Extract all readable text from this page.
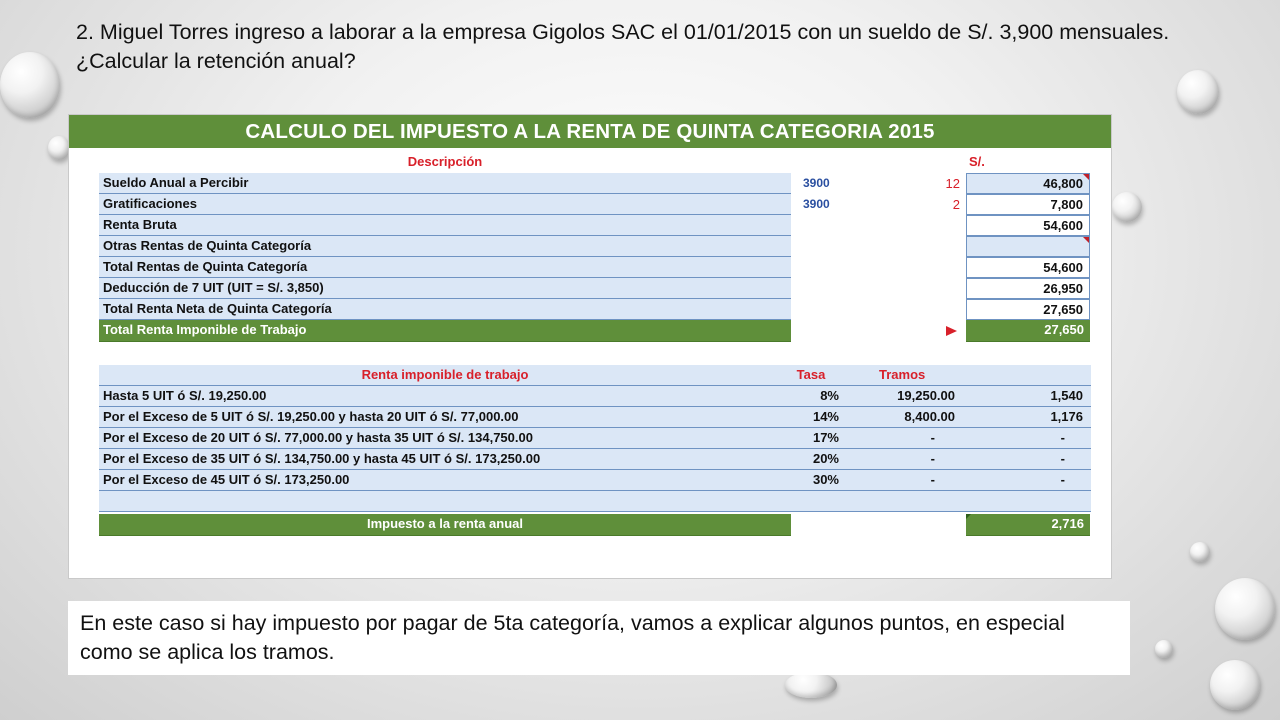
2. Miguel Torres ingreso a laborar a la empresa Gigolos SAC el 01/01/2015 con un sueldo de S/. 3,900 mensuales. ¿Calcular la retención anual?
CALCULO DEL IMPUESTO A LA RENTA DE QUINTA CATEGORIA 2015
Descripción	S/.
Sueldo Anual a Percibir	3900	12	46,800
Gratificaciones	3900	2	7,800
Renta Bruta	54,600
Otras Rentas de Quinta Categoría
Total Rentas de Quinta Categoría	54,600
Deducción de 7 UIT (UIT = S/. 3,850)	26,950
Total Renta Neta de Quinta Categoría	27,650
Total Renta Imponible de Trabajo	27,650
Renta imponible de trabajo	Tasa	Tramos
Hasta 5 UIT ó S/. 19,250.00	8%	19,250.00	1,540
Por el Exceso de 5 UIT ó S/. 19,250.00 y hasta 20 UIT ó S/. 77,000.00	14%	8,400.00	1,176
Por el Exceso de 20 UIT ó S/. 77,000.00 y hasta 35 UIT ó S/. 134,750.00	17%	-	-
Por el Exceso de 35 UIT ó S/. 134,750.00 y hasta 45 UIT ó S/. 173,250.00	20%	-	-
Por el Exceso de 45 UIT ó S/. 173,250.00	30%	-	-
Impuesto a la renta anual	2,716
En este caso si hay impuesto por pagar de 5ta categoría, vamos a explicar algunos puntos, en especial como se aplica los tramos.
